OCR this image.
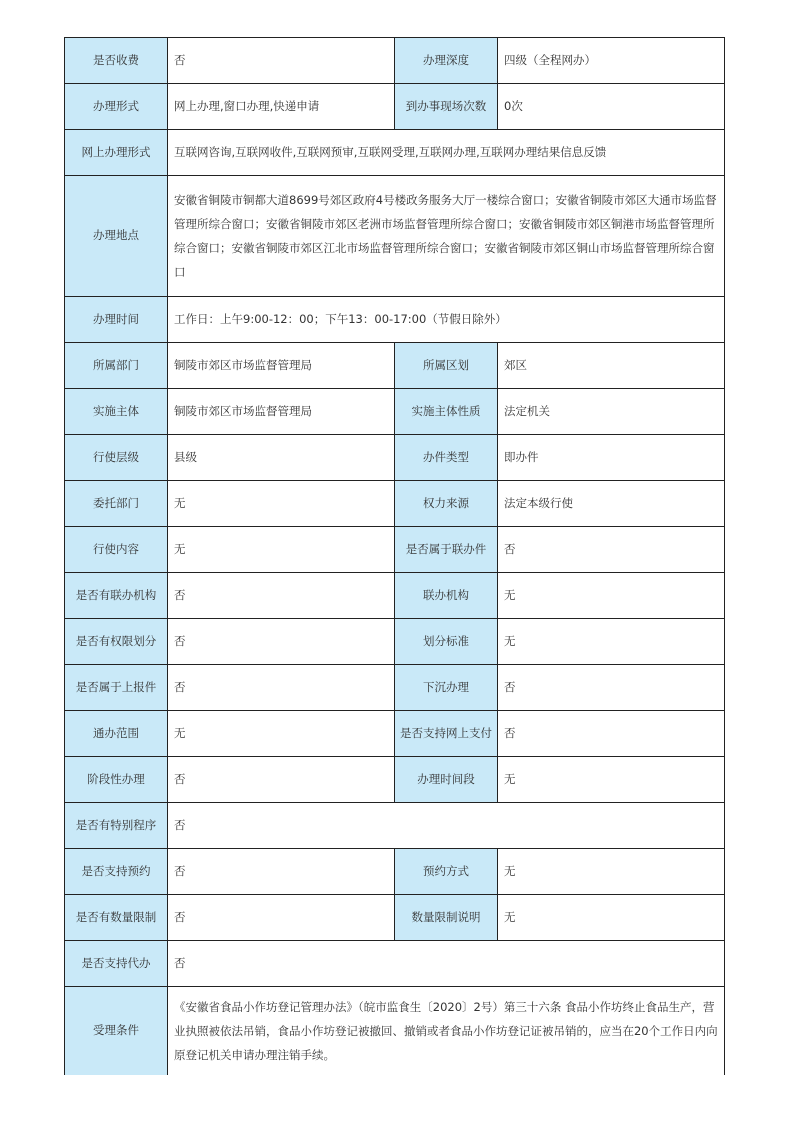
是否收费	否	办理深度	四级（全程网办）
办理形式	网上办理,窗口办理,快递申请	到办事现场次数	0次
网上办理形式	互联网咨询,互联网收件,互联网预审,互联网受理,互联网办理,互联网办理结果信息反馈		
办理地点	安徽省铜陵市铜都大道8699号郊区政府4号楼政务服务大厅一楼综合窗口；安徽省铜陵市郊区大通市场监督管理所综合窗口；安徽省铜陵市郊区老洲市场监督管理所综合窗口；安徽省铜陵市郊区铜港市场监督管理所综合窗口；安徽省铜陵市郊区江北市场监督管理所综合窗口；安徽省铜陵市郊区铜山市场监督管理所综合窗口		
办理时间	工作日：上午9:00-12：00；下午13：00-17:00（节假日除外）		
所属部门	铜陵市郊区市场监督管理局	所属区划	郊区
实施主体	铜陵市郊区市场监督管理局	实施主体性质	法定机关
行使层级	县级	办件类型	即办件
委托部门	无	权力来源	法定本级行使
行使内容	无	是否属于联办件	否
是否有联办机构	否	联办机构	无
是否有权限划分	否	划分标准	无
是否属于上报件	否	下沉办理	否
通办范围	无	是否支持网上支付	否
阶段性办理	否	办理时间段	无
是否有特别程序	否		
是否支持预约	否	预约方式	无
是否有数量限制	否	数量限制说明	无
是否支持代办	否		
受理条件	《安徽省食品小作坊登记管理办法》（皖市监食生〔2020〕2号）第三十六条 食品小作坊终止食品生产，营业执照被依法吊销，食品小作坊登记被撤回、撤销或者食品小作坊登记证被吊销的，应当在20个工作日内向原登记机关申请办理注销手续。		
